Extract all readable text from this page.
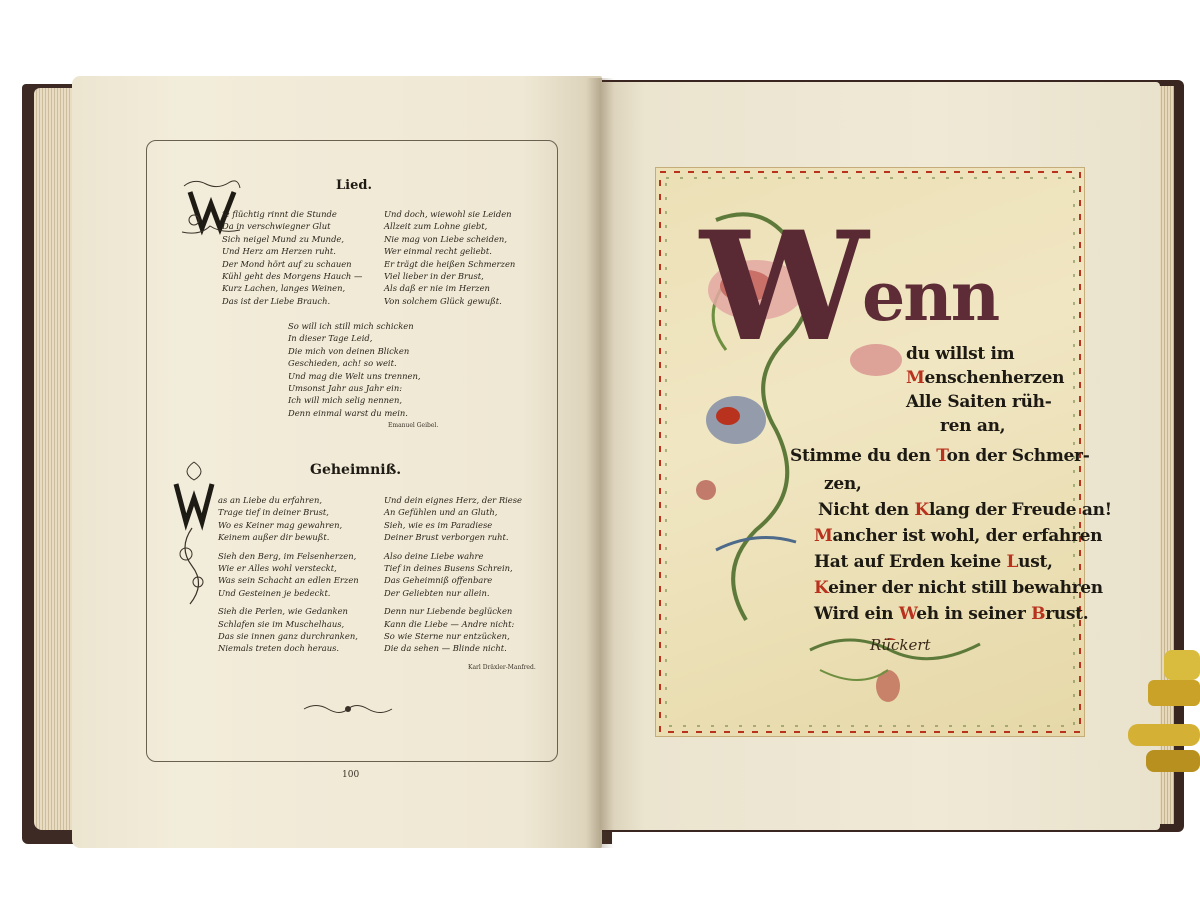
Lied.
ie flüchtig rinnt die Stunde
Da in verschwiegner Glut
Sich neigel Mund zu Munde,
Und Herz am Herzen ruht.
Der Mond hört auf zu schauen
Kühl geht des Morgens Hauch —
Kurz Lachen, langes Weinen,
Das ist der Liebe Brauch.
Und doch, wiewohl sie Leiden
Allzeit zum Lohne giebt,
Nie mag von Liebe scheiden,
Wer einmal recht geliebt.
Er trägt die heißen Schmerzen
Viel lieber in der Brust,
Als daß er nie im Herzen
Von solchem Glück gewußt.
So will ich still mich schicken
In dieser Tage Leid,
Die mich von deinen Blicken
Geschieden, ach! so weit.
Und mag die Welt uns trennen,
Umsonst Jahr aus Jahr ein:
Ich will mich selig nennen,
Denn einmal warst du mein.
Emanuel Geibel.
Geheimniß.
as an Liebe du erfahren,
Trage tief in deiner Brust,
Wo es Keiner mag gewahren,
Keinem außer dir bewußt.
Sieh den Berg, im Felsenherzen,
Wie er Alles wohl versteckt,
Was sein Schacht an edlen Erzen
Und Gesteinen je bedeckt.
Sieh die Perlen, wie Gedanken
Schlafen sie im Muschelhaus,
Das sie innen ganz durchranken,
Niemals treten doch heraus.
Und dein eignes Herz, der Riese
An Gefühlen und an Gluth,
Sieh, wie es im Paradiese
Deiner Brust verborgen ruht.
Also deine Liebe wahre
Tief in deines Busens Schrein,
Das Geheimniß offenbare
Der Geliebten nur allein.
Denn nur Liebende beglücken
Kann die Liebe — Andre nicht:
So wie Sterne nur entzücken,
Die da sehen — Blinde nicht.
Karl Dräxler-Manfred.
100
W
enn
du willst im
Menschenherzen
Alle Saiten rüh-
ren an,
Stimme du den Ton der Schmer-
zen,
Nicht den Klang der Freude an!
Mancher ist wohl, der erfahren
Hat auf Erden keine Lust,
Keiner der nicht still bewahren
Wird ein Weh in seiner Brust.
Rückert
